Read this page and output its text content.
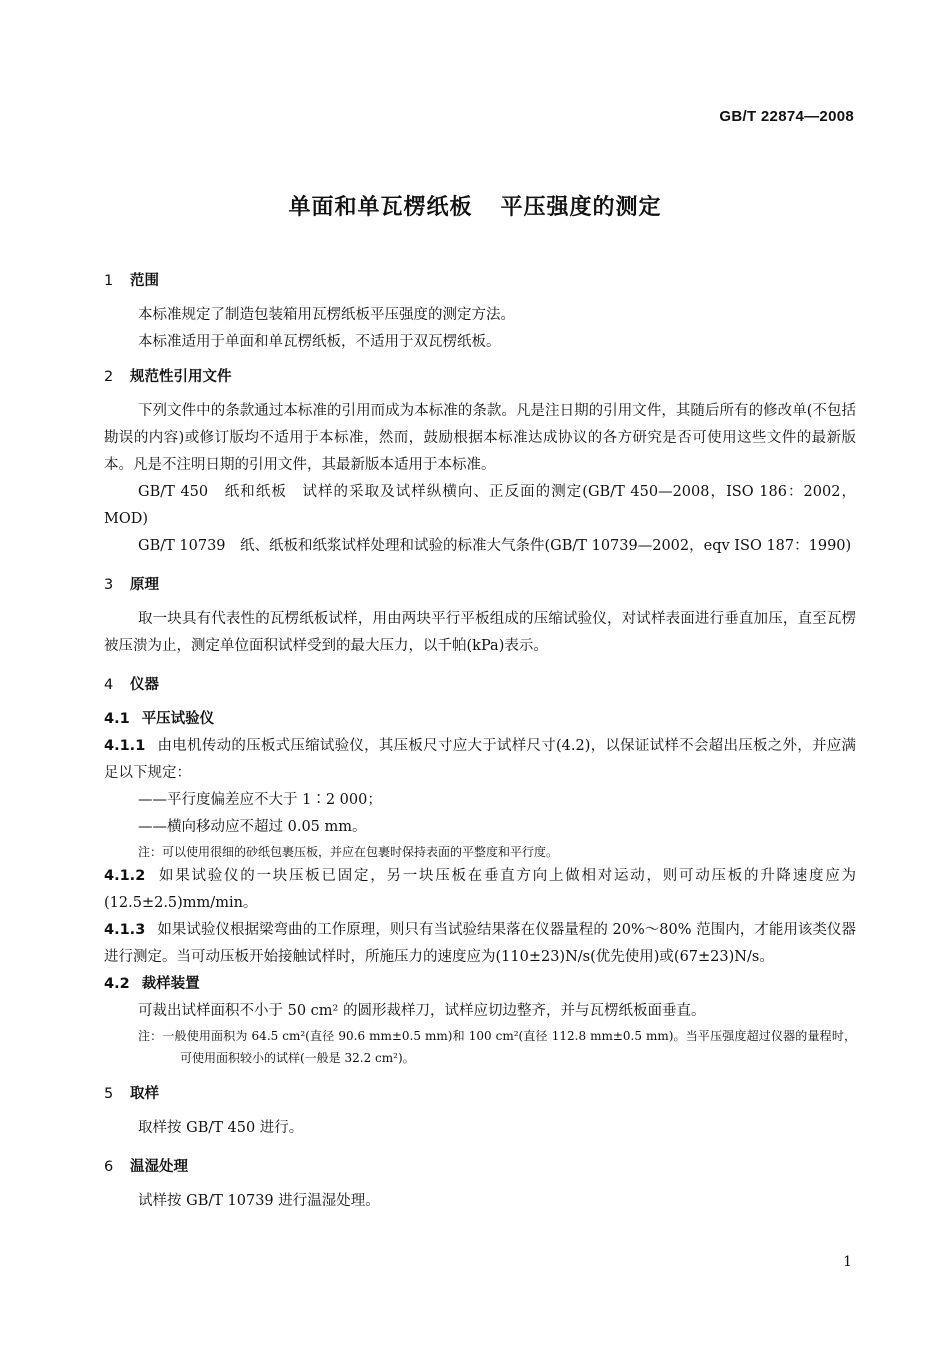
GB/T 22874—2008
单面和单瓦楞纸板 平压强度的测定
1 范围

本标准规定了制造包装箱用瓦楞纸板平压强度的测定方法。

本标准适用于单面和单瓦楞纸板，不适用于双瓦楞纸板。

2 规范性引用文件

下列文件中的条款通过本标准的引用而成为本标准的条款。凡是注日期的引用文件，其随后所有的修改单(不包括勘误的内容)或修订版均不适用于本标准，然而，鼓励根据本标准达成协议的各方研究是否可使用这些文件的最新版本。凡是不注明日期的引用文件，其最新版本适用于本标准。

GB/T 450　纸和纸板　试样的采取及试样纵横向、正反面的测定(GB/T 450—2008，ISO 186：2002，MOD)

GB/T 10739　纸、纸板和纸浆试样处理和试验的标准大气条件(GB/T 10739—2002，eqv ISO 187：1990)

3 原理

取一块具有代表性的瓦楞纸板试样，用由两块平行平板组成的压缩试验仪，对试样表面进行垂直加压，直至瓦楞被压溃为止，测定单位面积试样受到的最大压力，以千帕(kPa)表示。

4 仪器
4.1 平压试验仪

4.1.1 由电机传动的压板式压缩试验仪，其压板尺寸应大于试样尺寸(4.2)，以保证试样不会超出压板之外，并应满足以下规定：

——平行度偏差应不大于 1∶2 000；

——横向移动应不超过 0.05 mm。

注：可以使用很细的砂纸包裹压板，并应在包裹时保持表面的平整度和平行度。

4.1.2 如果试验仪的一块压板已固定，另一块压板在垂直方向上做相对运动，则可动压板的升降速度应为(12.5±2.5)mm/min。

4.1.3 如果试验仪根据梁弯曲的工作原理，则只有当试验结果落在仪器量程的 20%～80% 范围内，才能用该类仪器进行测定。当可动压板开始接触试样时，所施压力的速度应为(110±23)N/s(优先使用)或(67±23)N/s。

4.2 裁样装置

可裁出试样面积不小于 50 cm² 的圆形裁样刀，试样应切边整齐，并与瓦楞纸板面垂直。

注：一般使用面积为 64.5 cm²(直径 90.6 mm±0.5 mm)和 100 cm²(直径 112.8 mm±0.5 mm)。当平压强度超过仪器的量程时，可使用面积较小的试样(一般是 32.2 cm²)。

5 取样

取样按 GB/T 450 进行。

6 温湿处理

试样按 GB/T 10739 进行温湿处理。

1
